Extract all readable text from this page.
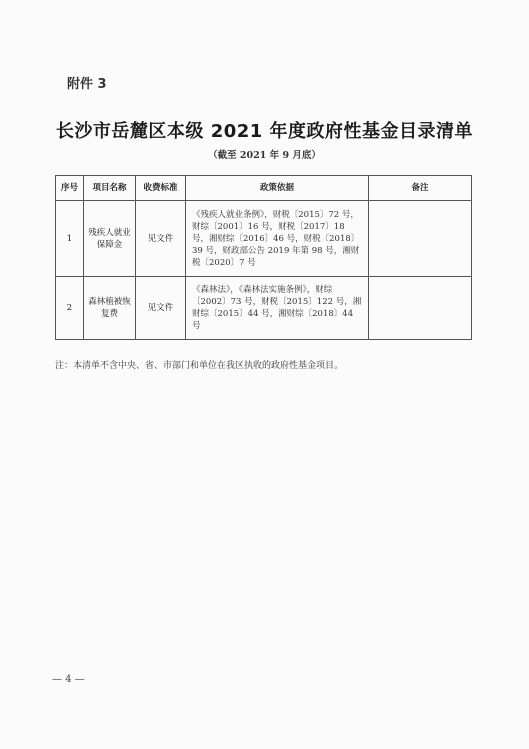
附件 3
长沙市岳麓区本级 2021 年度政府性基金目录清单
（截至 2021 年 9 月底）
序号	项目名称	收费标准	政策依据	备注
1	残疾人就业保障金	见文件	《残疾人就业条例》，财税〔2015〕72 号，财综〔2001〕16 号，财税〔2017〕18 号，湘财综〔2016〕46 号，财税〔2018〕39 号，财政部公告 2019 年第 98 号，湘财税〔2020〕7 号	
2	森林植被恢复费	见文件	《森林法》，《森林法实施条例》，财综〔2002〕73 号，财税〔2015〕122 号，湘财综〔2015〕44 号，湘财综〔2018〕44 号	
注：本清单不含中央、省、市部门和单位在我区执收的政府性基金项目。
— 4 —
